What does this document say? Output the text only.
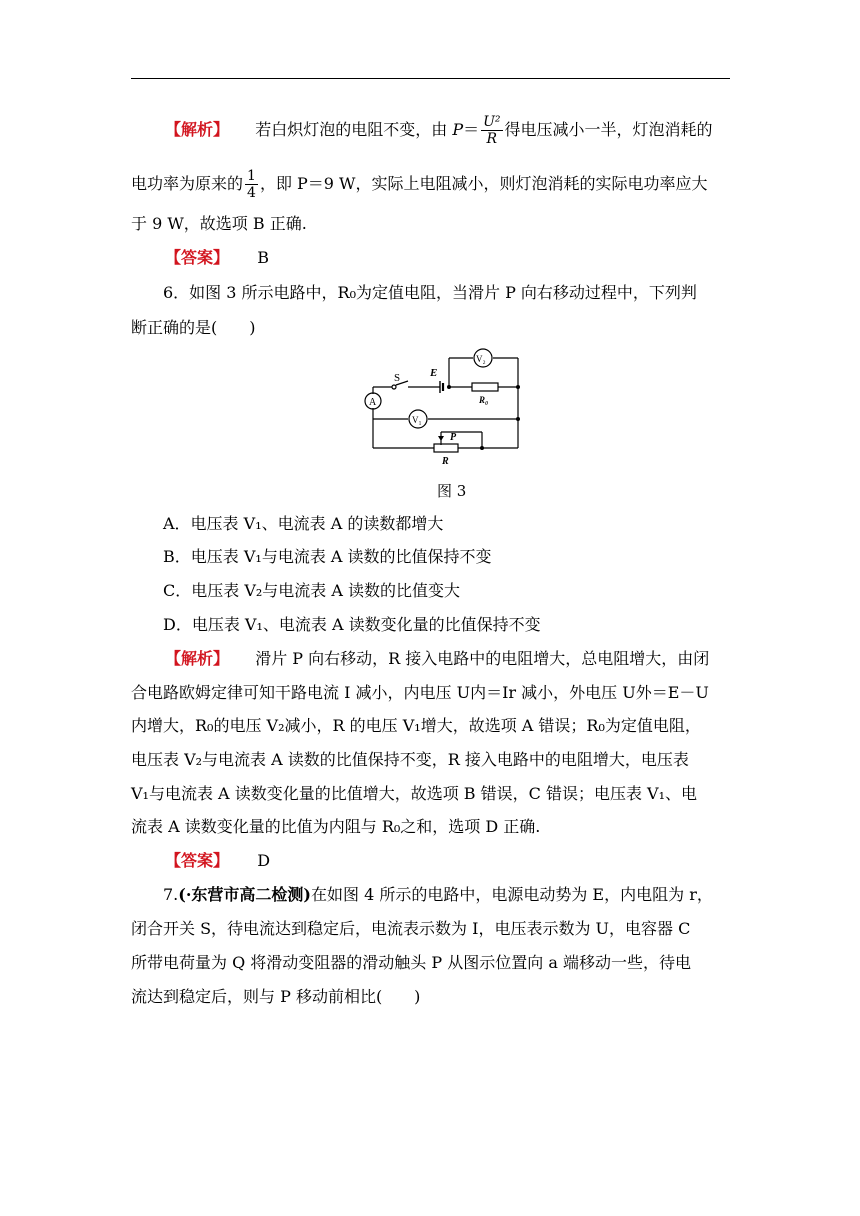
【解析】 若白炽灯泡的电阻不变，由 $P= \frac{\text{U²}}{R}$ 得电压减小一半，灯泡消耗的
电功率为原来的 $\frac{1}{4}$ ，即 P＝9 W，实际上电阻减小，则灯泡消耗的实际电功率应大
于 9 W，故选项 B 正确.
【答案】 B
6．如图 3 所示电路中，R₀为定值电阻，当滑片 P 向右移动过程中，下列判
断正确的是(　　)
S	E
V₂
R₀
A
V₁
P
R
图 3
A．电压表 V₁、电流表 A 的读数都增大
B．电压表 V₁与电流表 A 读数的比值保持不变
C．电压表 V₂与电流表 A 读数的比值变大
D．电压表 V₁、电流表 A 读数变化量的比值保持不变
【解析】 滑片 P 向右移动，R 接入电路中的电阻增大，总电阻增大，由闭
合电路欧姆定律可知干路电流 I 减小，内电压 U内＝Ir 减小，外电压 U外＝E－U
内增大，R₀的电压 V₂减小，R 的电压 V₁增大，故选项 A 错误；R₀为定值电阻，
电压表 V₂与电流表 A 读数的比值保持不变，R 接入电路中的电阻增大，电压表
V₁与电流表 A 读数变化量的比值增大，故选项 B 错误，C 错误；电压表 V₁、电
流表 A 读数变化量的比值为内阻与 R₀之和，选项 D 正确.
【答案】 D
7.(·东营市高二检测)在如图 4 所示的电路中，电源电动势为 E，内电阻为 r，
闭合开关 S，待电流达到稳定后，电流表示数为 I，电压表示数为 U，电容器 C
所带电荷量为 Q 将滑动变阻器的滑动触头 P 从图示位置向 a 端移动一些，待电
流达到稳定后，则与 P 移动前相比(　　)
